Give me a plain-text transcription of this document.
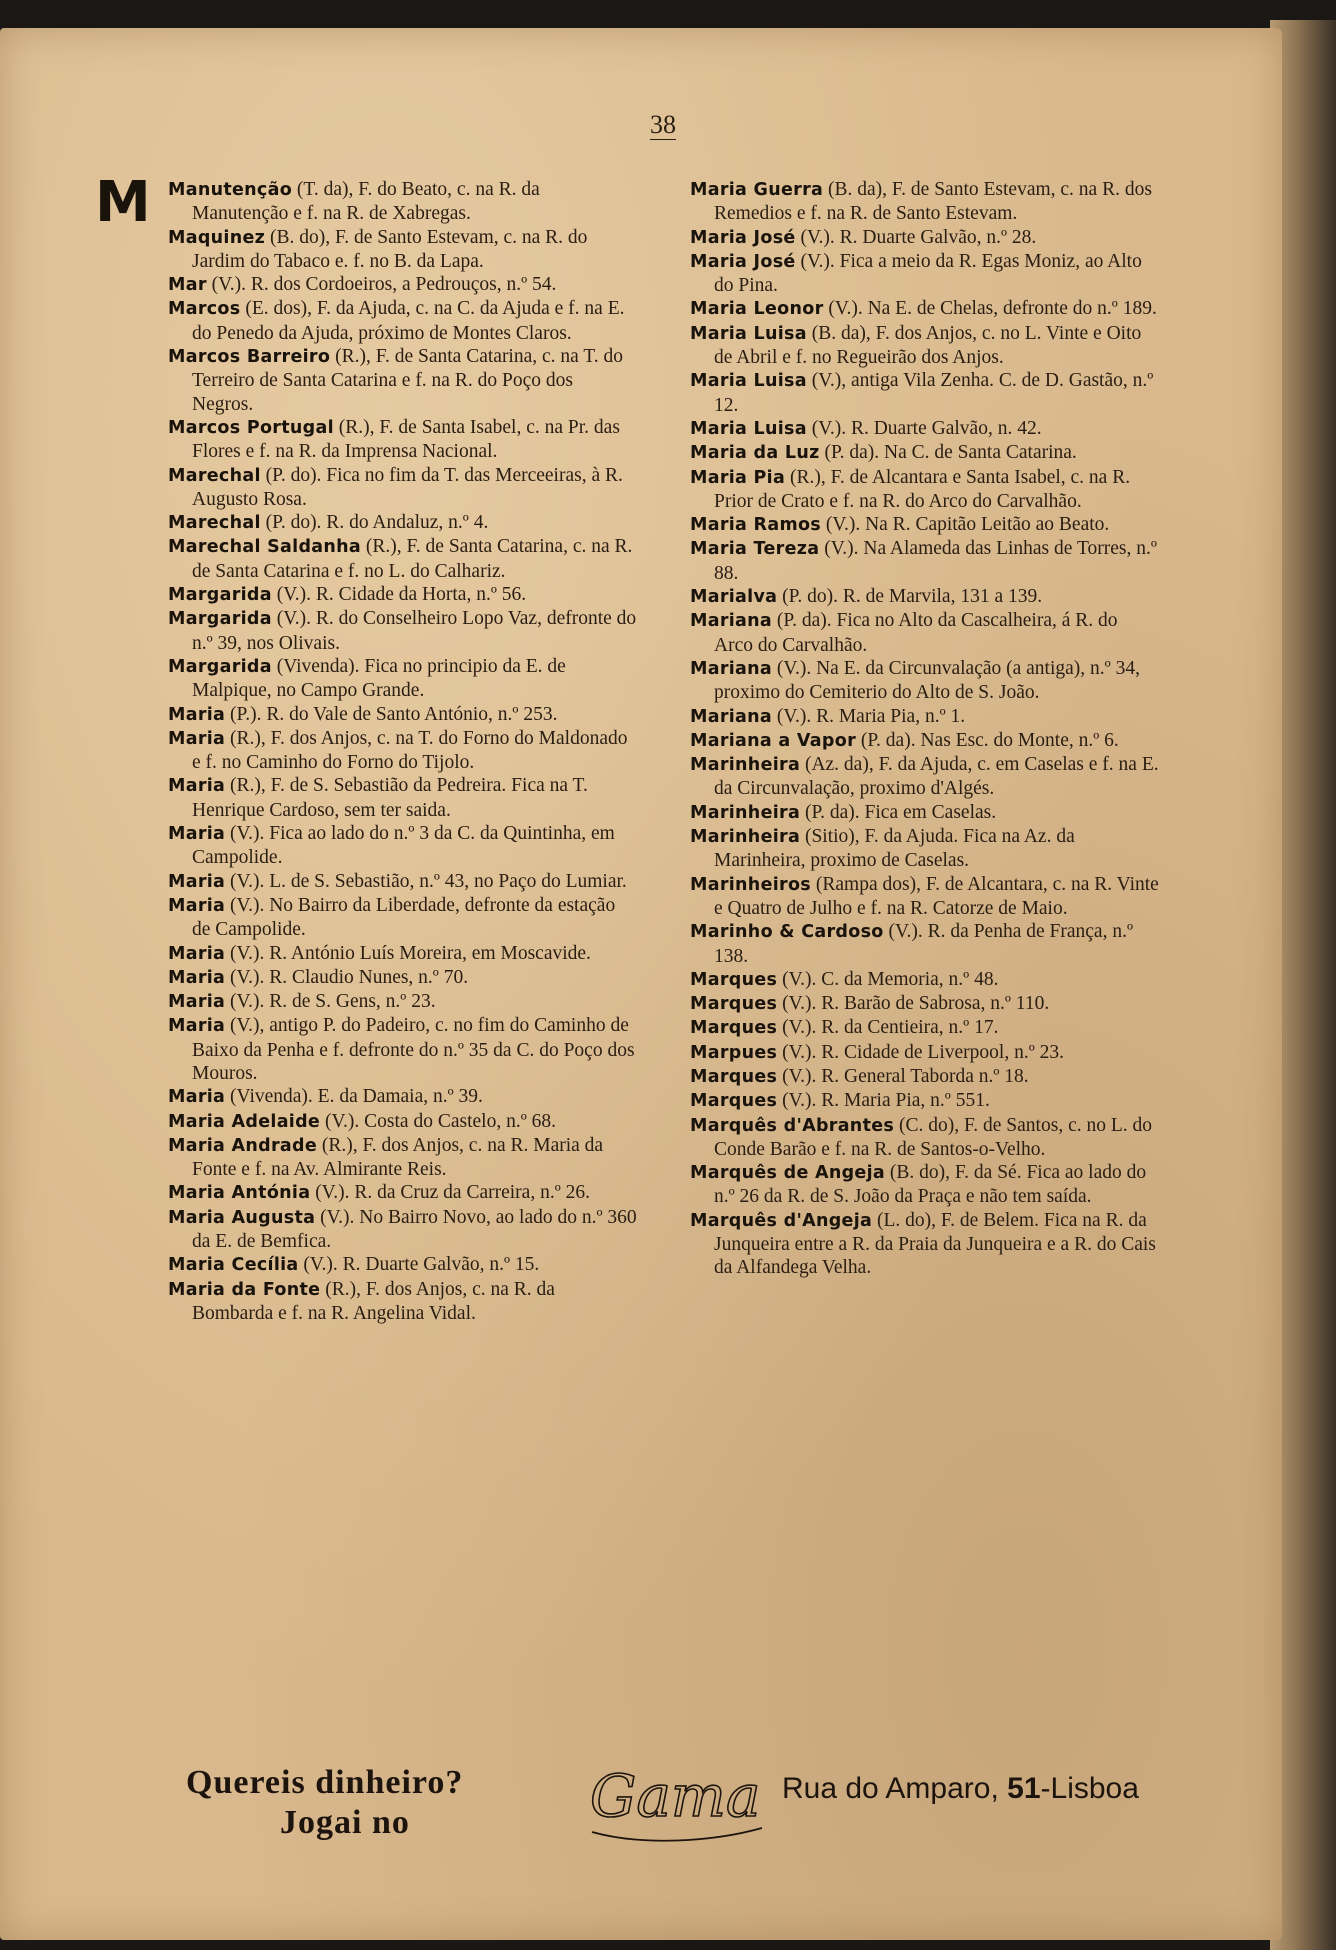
38
M Manutenção (T. da), F. do Beato, c. na R. da Manutenção e f. na R. de Xabregas.

Maquinez (B. do), F. de Santo Estevam, c. na R. do Jardim do Tabaco e. f. no B. da Lapa.

Mar (V.). R. dos Cordoeiros, a Pedrouços, n.º 54.

Marcos (E. dos), F. da Ajuda, c. na C. da Ajuda e f. na E. do Penedo da Ajuda, próximo de Montes Claros.

Marcos Barreiro (R.), F. de Santa Catarina, c. na T. do Terreiro de Santa Catarina e f. na R. do Poço dos Negros.

Marcos Portugal (R.), F. de Santa Isabel, c. na Pr. das Flores e f. na R. da Imprensa Nacional.

Marechal (P. do). Fica no fim da T. das Merceeiras, à R. Augusto Rosa.

Marechal (P. do). R. do Andaluz, n.º 4.

Marechal Saldanha (R.), F. de Santa Catarina, c. na R. de Santa Catarina e f. no L. do Calhariz.

Margarida (V.). R. Cidade da Horta, n.º 56.

Margarida (V.). R. do Conselheiro Lopo Vaz, defronte do n.º 39, nos Olivais.

Margarida (Vivenda). Fica no principio da E. de Malpique, no Campo Grande.

Maria (P.). R. do Vale de Santo António, n.º 253.

Maria (R.), F. dos Anjos, c. na T. do Forno do Maldonado e f. no Caminho do Forno do Tijolo.

Maria (R.), F. de S. Sebastião da Pedreira. Fica na T. Henrique Cardoso, sem ter saida.

Maria (V.). Fica ao lado do n.º 3 da C. da Quintinha, em Campolide.

Maria (V.). L. de S. Sebastião, n.º 43, no Paço do Lumiar.

Maria (V.). No Bairro da Liberdade, defronte da estação de Campolide.

Maria (V.). R. António Luís Moreira, em Moscavide.

Maria (V.). R. Claudio Nunes, n.º 70.

Maria (V.). R. de S. Gens, n.º 23.

Maria (V.), antigo P. do Padeiro, c. no fim do Caminho de Baixo da Penha e f. defronte do n.º 35 da C. do Poço dos Mouros.

Maria (Vivenda). E. da Damaia, n.º 39.

Maria Adelaide (V.). Costa do Castelo, n.º 68.

Maria Andrade (R.), F. dos Anjos, c. na R. Maria da Fonte e f. na Av. Almirante Reis.

Maria Antónia (V.). R. da Cruz da Carreira, n.º 26.

Maria Augusta (V.). No Bairro Novo, ao lado do n.º 360 da E. de Bemfica.

Maria Cecília (V.). R. Duarte Galvão, n.º 15.

Maria da Fonte (R.), F. dos Anjos, c. na R. da Bombarda e f. na R. Angelina Vidal.

Maria Guerra (B. da), F. de Santo Estevam, c. na R. dos Remedios e f. na R. de Santo Estevam.

Maria José (V.). R. Duarte Galvão, n.º 28.

Maria José (V.). Fica a meio da R. Egas Moniz, ao Alto do Pina.

Maria Leonor (V.). Na E. de Chelas, defronte do n.º 189.

Maria Luisa (B. da), F. dos Anjos, c. no L. Vinte e Oito de Abril e f. no Regueirão dos Anjos.

Maria Luisa (V.), antiga Vila Zenha. C. de D. Gastão, n.º 12.

Maria Luisa (V.). R. Duarte Galvão, n. 42.

Maria da Luz (P. da). Na C. de Santa Catarina.

Maria Pia (R.), F. de Alcantara e Santa Isabel, c. na R. Prior de Crato e f. na R. do Arco do Carvalhão.

Maria Ramos (V.). Na R. Capitão Leitão ao Beato.

Maria Tereza (V.). Na Alameda das Linhas de Torres, n.º 88.

Marialva (P. do). R. de Marvila, 131 a 139.

Mariana (P. da). Fica no Alto da Cascalheira, á R. do Arco do Carvalhão.

Mariana (V.). Na E. da Circunvalação (a antiga), n.º 34, proximo do Cemiterio do Alto de S. João.

Mariana (V.). R. Maria Pia, n.º 1.

Mariana a Vapor (P. da). Nas Esc. do Monte, n.º 6.

Marinheira (Az. da), F. da Ajuda, c. em Caselas e f. na E. da Circunvalação, proximo d'Algés.

Marinheira (P. da). Fica em Caselas.

Marinheira (Sitio), F. da Ajuda. Fica na Az. da Marinheira, proximo de Caselas.

Marinheiros (Rampa dos), F. de Alcantara, c. na R. Vinte e Quatro de Julho e f. na R. Catorze de Maio.

Marinho & Cardoso (V.). R. da Penha de França, n.º 138.

Marques (V.). C. da Memoria, n.º 48.

Marques (V.). R. Barão de Sabrosa, n.º 110.

Marques (V.). R. da Centieira, n.º 17.

Marpues (V.). R. Cidade de Liverpool, n.º 23.

Marques (V.). R. General Taborda n.º 18.

Marques (V.). R. Maria Pia, n.º 551.

Marquês d'Abrantes (C. do), F. de Santos, c. no L. do Conde Barão e f. na R. de Santos-o-Velho.

Marquês de Angeja (B. do), F. da Sé. Fica ao lado do n.º 26 da R. de S. João da Praça e não tem saída.

Marquês d'Angeja (L. do), F. de Belem. Fica na R. da Junqueira entre a R. da Praia da Junqueira e a R. do Cais da Alfandega Velha.

Quereis dinheiro?
Jogai no	Gama Rua do Amparo, 51-Lisboa
